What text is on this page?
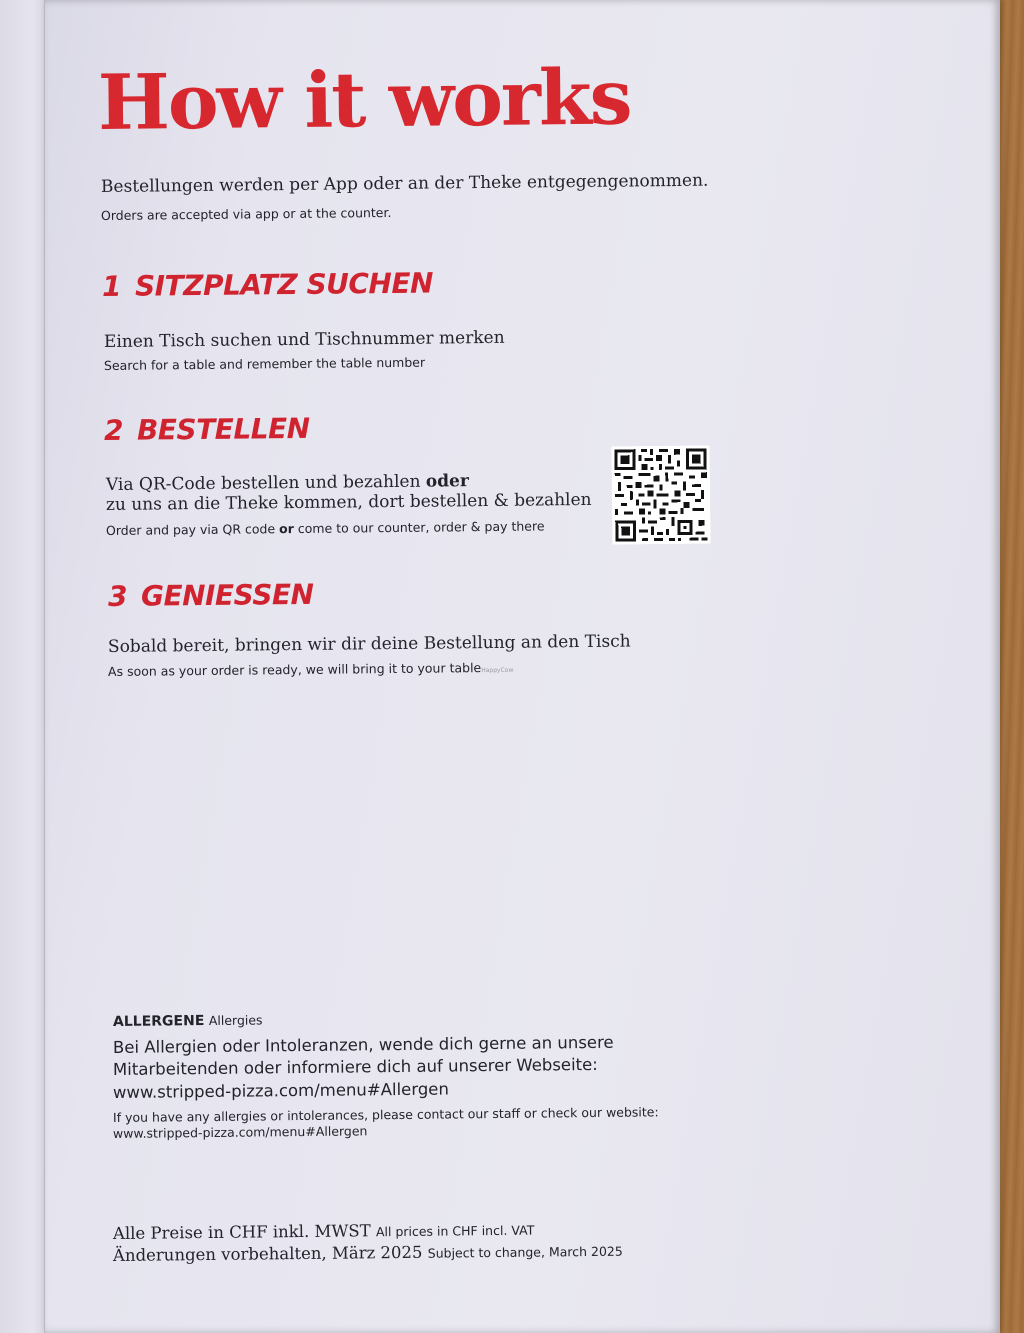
How it works
Bestellungen werden per App oder an der Theke entgegengenommen.
Orders are accepted via app or at the counter.
1 SITZPLATZ SUCHEN
Einen Tisch suchen und Tischnummer merken
Search for a table and remember the table number
2 BESTELLEN
Via QR-Code bestellen und bezahlen oder
zu uns an die Theke kommen, dort bestellen & bezahlen
Order and pay via QR code or come to our counter, order & pay there
3 GENIESSEN
Sobald bereit, bringen wir dir deine Bestellung an den Tisch
As soon as your order is ready, we will bring it to your tableHappyCow
ALLERGENE Allergies
Bei Allergien oder Intoleranzen, wende dich gerne an unsere
Mitarbeitenden oder informiere dich auf unserer Webseite:
www.stripped-pizza.com/menu#Allergen
If you have any allergies or intolerances, please contact our staff or check our website:
www.stripped-pizza.com/menu#Allergen
Alle Preise in CHF inkl. MWST All prices in CHF incl. VAT
Änderungen vorbehalten, März 2025 Subject to change, March 2025
